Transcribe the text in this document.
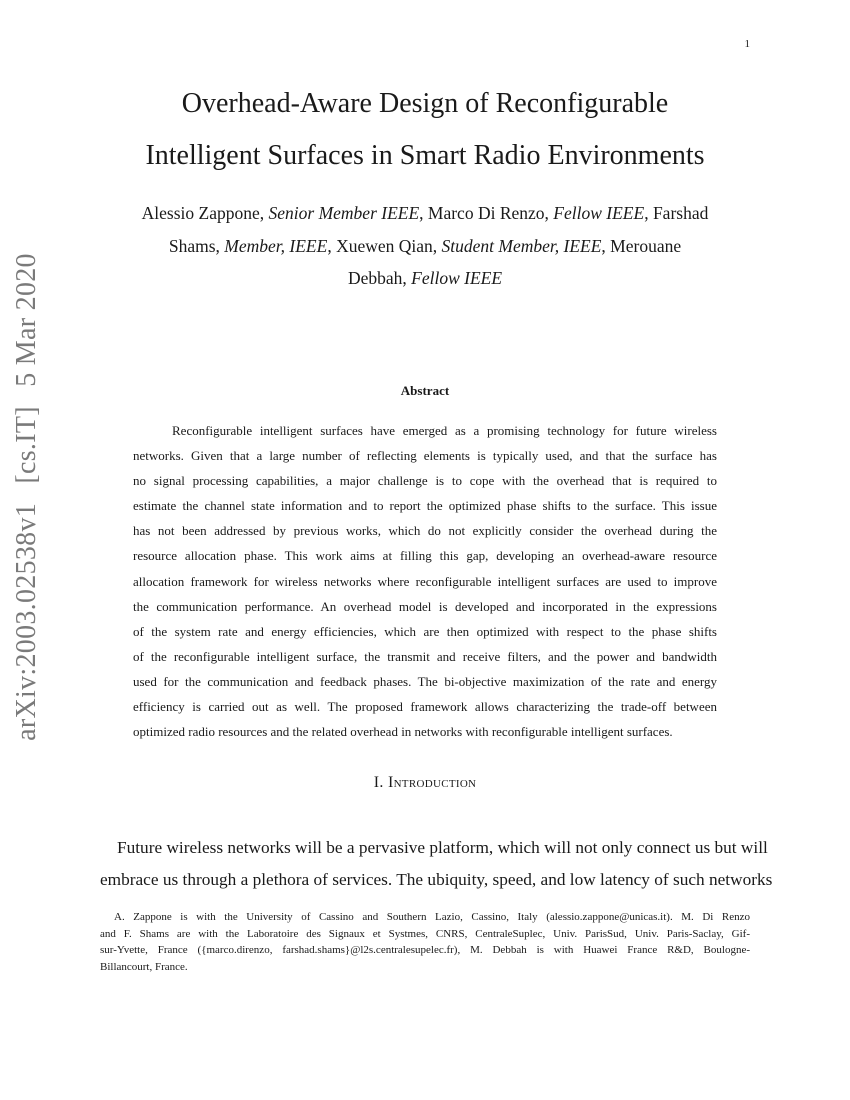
1
Overhead-Aware Design of Reconfigurable
Intelligent Surfaces in Smart Radio Environments
Alessio Zappone, Senior Member IEEE, Marco Di Renzo, Fellow IEEE, Farshad
Shams, Member, IEEE, Xuewen Qian, Student Member, IEEE, Merouane
Debbah, Fellow IEEE
arXiv:2003.02538v1 [cs.IT] 5 Mar 2020
Abstract
Reconfigurable intelligent surfaces have emerged as a promising technology for future wireless
networks. Given that a large number of reflecting elements is typically used, and that the surface has
no signal processing capabilities, a major challenge is to cope with the overhead that is required to
estimate the channel state information and to report the optimized phase shifts to the surface. This issue
has not been addressed by previous works, which do not explicitly consider the overhead during the
resource allocation phase. This work aims at filling this gap, developing an overhead-aware resource
allocation framework for wireless networks where reconfigurable intelligent surfaces are used to improve
the communication performance. An overhead model is developed and incorporated in the expressions
of the system rate and energy efficiencies, which are then optimized with respect to the phase shifts
of the reconfigurable intelligent surface, the transmit and receive filters, and the power and bandwidth
used for the communication and feedback phases. The bi-objective maximization of the rate and energy
efficiency is carried out as well. The proposed framework allows characterizing the trade-off between
optimized radio resources and the related overhead in networks with reconfigurable intelligent surfaces.
I. Introduction
Future wireless networks will be a pervasive platform, which will not only connect us but will
embrace us through a plethora of services. The ubiquity, speed, and low latency of such networks
A. Zappone is with the University of Cassino and Southern Lazio, Cassino, Italy (alessio.zappone@unicas.it). M. Di Renzo
and F. Shams are with the Laboratoire des Signaux et Systmes, CNRS, CentraleSuplec, Univ. ParisSud, Univ. Paris-Saclay, Gif-
sur-Yvette, France ({marco.direnzo, farshad.shams}@l2s.centralesupelec.fr), M. Debbah is with Huawei France R&D, Boulogne-
Billancourt, France.
